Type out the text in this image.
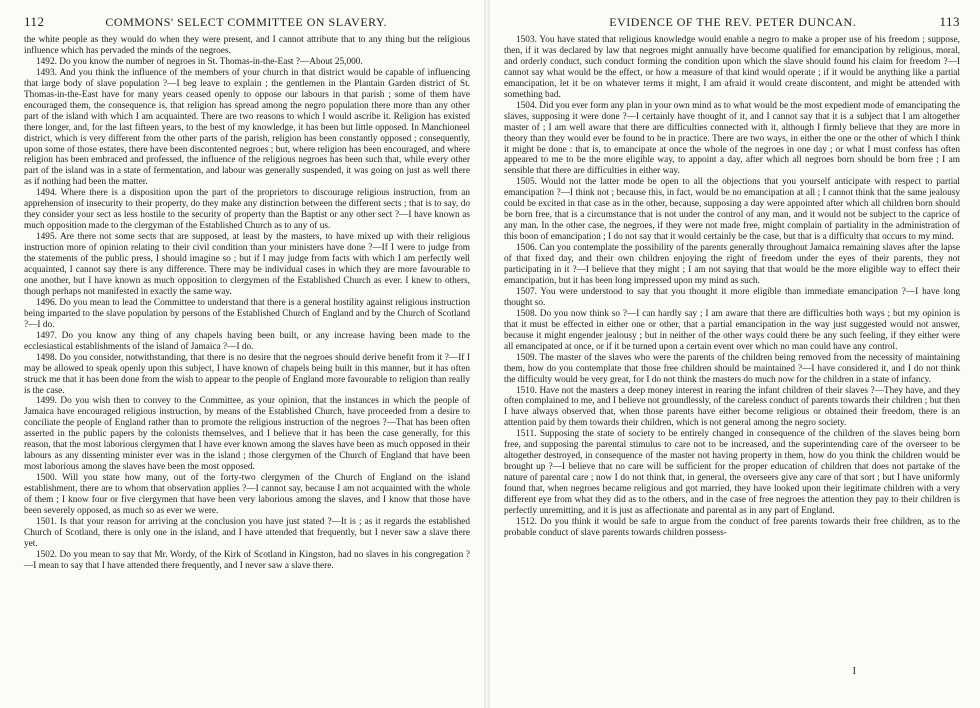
112	COMMONS' SELECT COMMITTEE ON SLAVERY.

the white people as they would do when they were present, and I cannot attribute that to any thing but the religious influence which has pervaded the minds of the negroes.

1492. Do you know the number of negroes in St. Thomas-in-the-East ?—About 25,000.

1493. And you think the influence of the members of your church in that district would be capable of influencing that large body of slave population ?—I beg leave to explain ; the gentlemen in the Plantain Garden district of St. Thomas-in-the-East have for many years ceased openly to oppose our labours in that parish ; some of them have encouraged them, the consequence is, that religion has spread among the negro population there more than any other part of the island with which I am acquainted. There are two reasons to which I would ascribe it. Religion has existed there longer, and, for the last fifteen years, to the best of my knowledge, it has been but little opposed. In Manchioneel district, which is very different from the other parts of the parish, religion has been constantly opposed ; consequently, upon some of those estates, there have been discontented negroes ; but, where religion has been encouraged, and where religion has been embraced and professed, the influence of the religious negroes has been such that, while every other part of the island was in a state of fermentation, and labour was generally suspended, it was going on just as well there as if nothing had been the matter.

1494. Where there is a disposition upon the part of the proprietors to discourage religious instruction, from an apprehension of insecurity to their property, do they make any distinction between the different sects ; that is to say, do they consider your sect as less hostile to the security of property than the Baptist or any other sect ?—I have known as much opposition made to the clergyman of the Established Church as to any of us.

1495. Are there not some sects that are supposed, at least by the masters, to have mixed up with their religious instruction more of opinion relating to their civil condition than your ministers have done ?—If I were to judge from the statements of the public press, I should imagine so ; but if I may judge from facts with which I am perfectly well acquainted, I cannot say there is any difference. There may be individual cases in which they are more favourable to one another, but I have known as much opposition to clergymen of the Established Church as ever. I knew to others, though perhaps not manifested in exactly the same way.

1496. Do you mean to lead the Committee to understand that there is a general hostility against religious instruction being imparted to the slave population by persons of the Established Church of England and by the Church of Scotland ?—I do.

1497. Do you know any thing of any chapels having been built, or any increase having been made to the ecclesiastical establishments of the island of Jamaica ?—I do.

1498. Do you consider, notwithstanding, that there is no desire that the negroes should derive benefit from it ?—If I may be allowed to speak openly upon this subject, I have known of chapels being built in this manner, but it has often struck me that it has been done from the wish to appear to the people of England more favourable to religion than really is the case.

1499. Do you wish then to convey to the Committee, as your opinion, that the instances in which the people of Jamaica have encouraged religious instruction, by means of the Established Church, have proceeded from a desire to conciliate the people of England rather than to promote the religious instruction of the negroes ?—That has been often asserted in the public papers by the colonists themselves, and I believe that it has been the case generally, for this reason, that the most laborious clergymen that I have ever known among the slaves have been as much opposed in their labours as any dissenting minister ever was in the island ; those clergymen of the Church of England that have been most laborious among the slaves have been the most opposed.

1500. Will you state how many, out of the forty-two clergymen of the Church of England on the island establishment, there are to whom that observation applies ?—I cannot say, because I am not acquainted with the whole of them ; I know four or five clergymen that have been very laborious among the slaves, and I know that those have been severely opposed, as much so as ever we were.

1501. Is that your reason for arriving at the conclusion you have just stated ?—It is ; as it regards the established Church of Scotland, there is only one in the island, and I have attended that frequently, but I never saw a slave there yet.

1502. Do you mean to say that Mr. Wordy, of the Kirk of Scotland in Kingston, had no slaves in his congregation ?—I mean to say that I have attended there frequently, and I never saw a slave there.

EVIDENCE OF THE REV. PETER DUNCAN.	113

1503. You have stated that religious knowledge would enable a negro to make a proper use of his freedom ; suppose, then, if it was declared by law that negroes might annually have become qualified for emancipation by religious, moral, and orderly conduct, such conduct forming the condition upon which the slave should found his claim for freedom ?—I cannot say what would be the effect, or how a measure of that kind would operate ; if it would be anything like a partial emancipation, let it be on whatever terms it might, I am afraid it would create discontent, and might be attended with something bad.

1504. Did you ever form any plan in your own mind as to what would be the most expedient mode of emancipating the slaves, supposing it were done ?—I certainly have thought of it, and I cannot say that it is a subject that I am altogether master of ; I am well aware that there are difficulties connected with it, although I firmly believe that they are more in theory than they would ever be found to be in practice. There are two ways, in either the one or the other of which I think it might be done : that is, to emancipate at once the whole of the negroes in one day ; or what I must confess has often appeared to me to be the more eligible way, to appoint a day, after which all negroes born should be born free ; I am sensible that there are difficulties in either way.

1505. Would not the latter mode be open to all the objections that you yourself anticipate with respect to partial emancipation ?—I think not ; because this, in fact, would be no emancipation at all ; I cannot think that the same jealousy could be excited in that case as in the other, because, supposing a day were appointed after which all children born should be born free, that is a circumstance that is not under the control of any man, and it would not be subject to the caprice of any man. In the other case, the negroes, if they were not made free, might complain of partiality in the administration of this boon of emancipation ; I do not say that it would certainly be the case, but that is a difficulty that occurs to my mind.

1506. Can you contemplate the possibility of the parents generally throughout Jamaica remaining slaves after the lapse of that fixed day, and their own children enjoying the right of freedom under the eyes of their parents, they not participating in it ?—I believe that they might ; I am not saying that that would be the more eligible way to effect their emancipation, but it has been long impressed upon my mind as such.

1507. You were understood to say that you thought it more eligible than immediate emancipation ?—I have long thought so.

1508. Do you now think so ?—I can hardly say ; I am aware that there are difficulties both ways ; but my opinion is that it must be effected in either one or other, that a partial emancipation in the way just suggested would not answer, because it might engender jealousy ; but in neither of the other ways could there be any such feeling, if they either were all emancipated at once, or if it be turned upon a certain event over which no man could have any control.

1509. The master of the slaves who were the parents of the children being removed from the necessity of maintaining them, how do you contemplate that those free children should be maintained ?—I have considered it, and I do not think the difficulty would be very great, for I do not think the masters do much now for the children in a state of infancy.

1510. Have not the masters a deep money interest in rearing the infant children of their slaves ?—They have, and they often complained to me, and I believe not groundlessly, of the careless conduct of parents towards their children ; but then I have always observed that, when those parents have either become religious or obtained their freedom, there is an attention paid by them towards their children, which is not general among the negro society.

1511. Supposing the state of society to be entirely changed in consequence of the children of the slaves being born free, and supposing the parental stimulus to care not to be increased, and the superintending care of the overseer to be altogether destroyed, in consequence of the master not having property in them, how do you think the children would be brought up ?—I believe that no care will be sufficient for the proper education of children that does not partake of the nature of parental care ; now I do not think that, in general, the overseers give any care of that sort ; but I have uniformly found that, when negroes became religious and got married, they have looked upon their legitimate children with a very different eye from what they did as to the others, and in the case of free negroes the attention they pay to their children is perfectly unremitting, and it is just as affectionate and parental as in any part of England.

1512. Do you think it would be safe to argue from the conduct of free parents towards their free children, as to the probable conduct of slave parents towards children possess-

I
